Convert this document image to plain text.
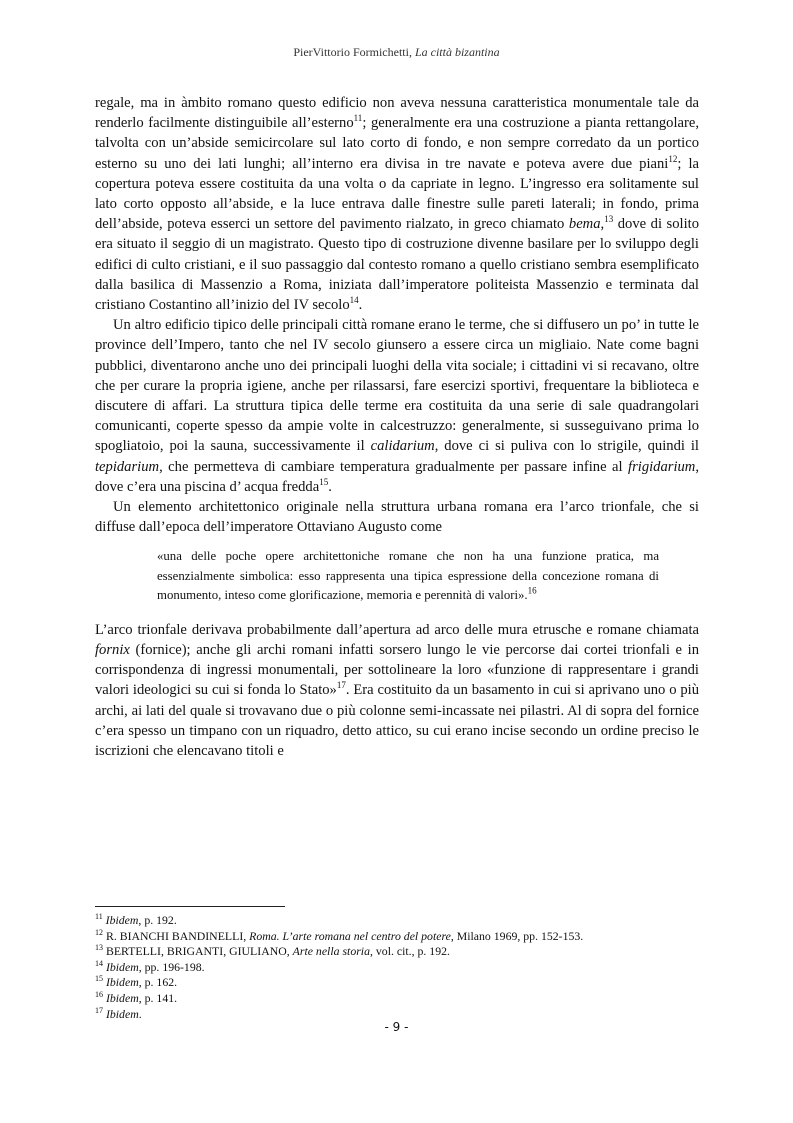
PierVittorio Formichetti, La città bizantina

regale, ma in àmbito romano questo edificio non aveva nessuna caratteristica monumentale tale da renderlo facilmente distinguibile all’esterno$^{11}$; generalmente era una costruzione a pianta rettangolare, talvolta con un’abside semicircolare sul lato corto di fondo, e non sempre corredato da un portico esterno su uno dei lati lunghi; all’interno era divisa in tre navate e poteva avere due piani$^{12}$; la copertura poteva essere costituita da una volta o da capriate in legno. L’ingresso era solitamente sul lato corto opposto all’abside, e la luce entrava dalle finestre sulle pareti laterali; in fondo, prima dell’abside, poteva esserci un settore del pavimento rialzato, in greco chiamato bema,$^{13}$ dove di solito era situato il seggio di un magistrato. Questo tipo di costruzione divenne basilare per lo sviluppo degli edifici di culto cristiani, e il suo passaggio dal contesto romano a quello cristiano sembra esemplificato dalla basilica di Massenzio a Roma, iniziata dall’imperatore politeista Massenzio e terminata dal cristiano Costantino all’inizio del IV secolo$^{14}$.

Un altro edificio tipico delle principali città romane erano le terme, che si diffusero un po’ in tutte le province dell’Impero, tanto che nel IV secolo giunsero a essere circa un migliaio. Nate come bagni pubblici, diventarono anche uno dei principali luoghi della vita sociale; i cittadini vi si recavano, oltre che per curare la propria igiene, anche per rilassarsi, fare esercizi sportivi, frequentare la biblioteca e discutere di affari. La struttura tipica delle terme era costituita da una serie di sale quadrangolari comunicanti, coperte spesso da ampie volte in calcestruzzo: generalmente, si susseguivano prima lo spogliatoio, poi la sauna, successivamente il calidarium, dove ci si puliva con lo strigile, quindi il tepidarium, che permetteva di cambiare temperatura gradualmente per passare infine al frigidarium, dove c’era una piscina d’ acqua fredda$^{15}$.

Un elemento architettonico originale nella struttura urbana romana era l’arco trionfale, che si diffuse dall’epoca dell’imperatore Ottaviano Augusto come

«una delle poche opere architettoniche romane che non ha una funzione pratica, ma essenzialmente simbolica: esso rappresenta una tipica espressione della concezione romana di monumento, inteso come glorificazione, memoria e perennità di valori».$^{16}$

L’arco trionfale derivava probabilmente dall’apertura ad arco delle mura etrusche e romane chiamata fornix (fornice); anche gli archi romani infatti sorsero lungo le vie percorse dai cortei trionfali e in corrispondenza di ingressi monumentali, per sottolineare la loro «funzione di rappresentare i grandi valori ideologici su cui si fonda lo Stato»$^{17}$. Era costituito da un basamento in cui si aprivano uno o più archi, ai lati del quale si trovavano due o più colonne semi-incassate nei pilastri. Al di sopra del fornice c’era spesso un timpano con un riquadro, detto attico, su cui erano incise secondo un ordine preciso le iscrizioni che elencavano titoli e

$^{11}$ Ibidem, p. 192.

$^{12}$ R. BIANCHI BANDINELLI, Roma. L’arte romana nel centro del potere, Milano 1969, pp. 152-153.

$^{13}$ BERTELLI, BRIGANTI, GIULIANO, Arte nella storia, vol. cit., p. 192.

$^{14}$ Ibidem, pp. 196-198.

$^{15}$ Ibidem, p. 162.

$^{16}$ Ibidem, p. 141.

$^{17}$ Ibidem.

- 9 -
